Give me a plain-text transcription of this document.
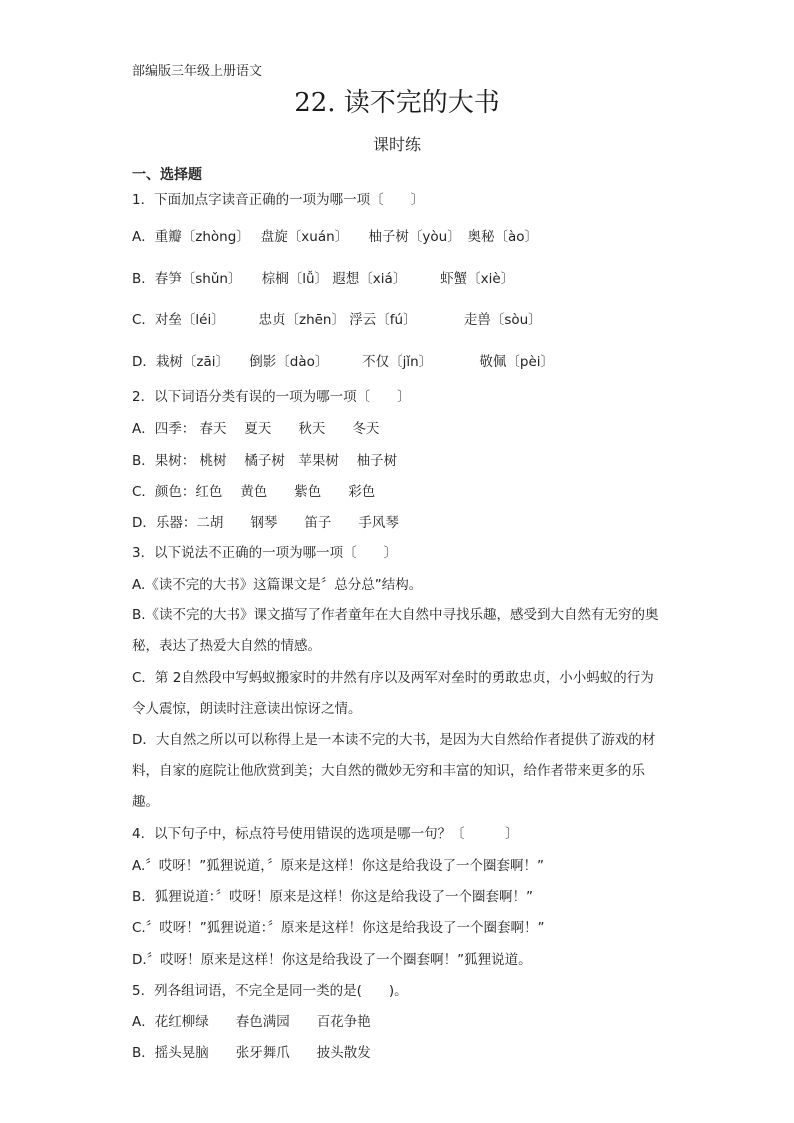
部编版三年级上册语文
22. 读不完的大书
课时练
一、选择题
1．下面加点字读音正确的一项为哪一项〔　　〕
A．重瓣〔zhòng〕　 盘旋〔xuán〕　　柚子树〔yòu〕　奥秘〔ào〕
B．春笋〔shǔn〕　　棕榈〔lǚ〕 遐想〔xiá〕　　　虾蟹〔xiè〕
C．对垒〔léi〕　　　忠贞〔zhēn〕 浮云〔fú〕　　　　走兽〔sòu〕
D．栽树〔zāi〕　　倒影〔dào〕　　　不仅〔jǐn〕　　　　敬佩〔pèi〕
2．以下词语分类有误的一项为哪一项〔　　〕
A．四季： 春天　 夏天　　秋天　　冬天
B．果树： 桃树　 橘子树　苹果树　 柚子树
C．颜色：红色　 黄色　　紫色　　彩色
D．乐器：二胡　　钢琴　　笛子　　手风琴
3．以下说法不正确的一项为哪一项〔　　〕
A.《读不完的大书》这篇课文是〞总分总”结构。
B.《读不完的大书》课文描写了作者童年在大自然中寻找乐趣，感受到大自然有无穷的奥秘，表达了热爱大自然的情感。
C．第 2自然段中写蚂蚁搬家时的井然有序以及两军对垒时的勇敢忠贞，小小蚂蚁的行为令人震惊，朗读时注意读出惊讶之情。
D．大自然之所以可以称得上是一本读不完的大书，是因为大自然给作者提供了游戏的材料，自家的庭院让他欣赏到美；大自然的微妙无穷和丰富的知识，给作者带来更多的乐趣。
4．以下句子中，标点符号使用错误的选项是哪一句？〔　　　〕
A.〞哎呀！”狐狸说道，〞原来是这样！你这是给我设了一个圈套啊！”
B．狐狸说道：〞哎呀！原来是这样！你这是给我设了一个圈套啊！”
C.〞哎呀！”狐狸说道：〞原来是这样！你这是给我设了一个圈套啊！”
D.〞哎呀！原来是这样！你这是给我设了一个圈套啊！”狐狸说道。
5．列各组词语，不完全是同一类的是(　　)。
A．花红柳绿　　春色满园　　百花争艳
B．摇头晃脑　　张牙舞爪　　披头散发
